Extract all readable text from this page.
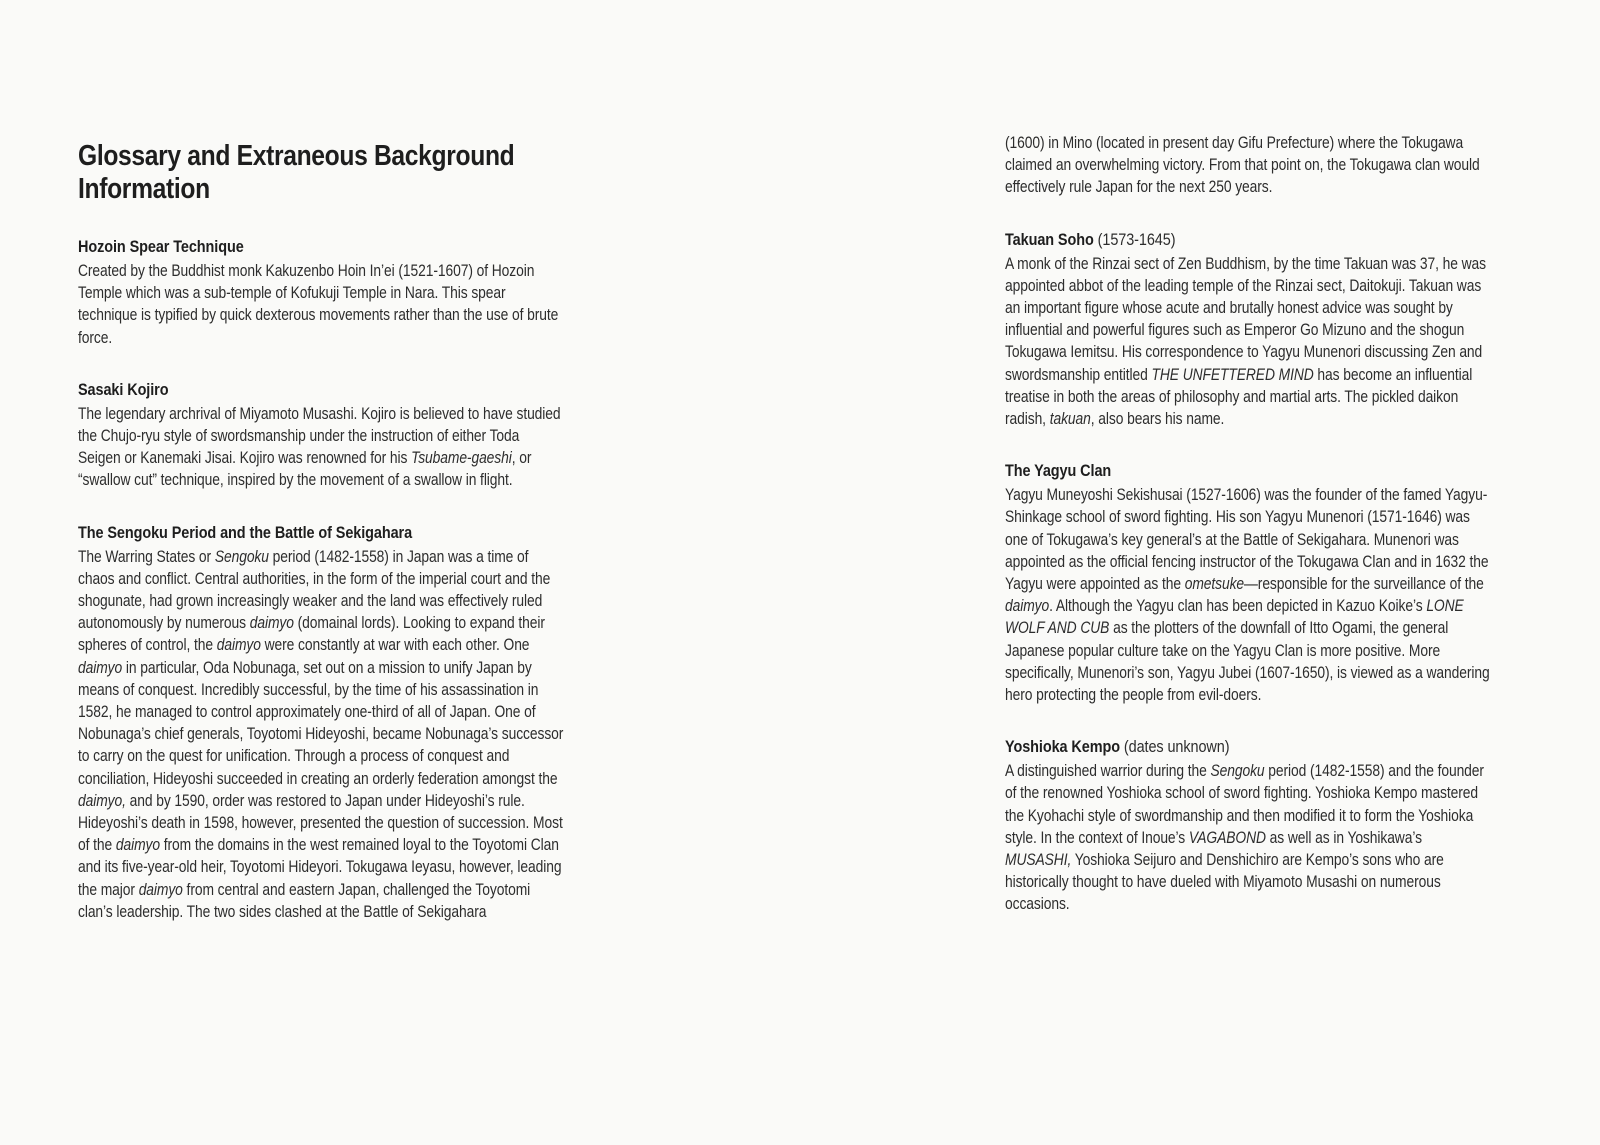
Glossary and Extraneous Background Information
Hozoin Spear Technique

Created by the Buddhist monk Kakuzenbo Hoin In’ei (1521-1607) of Hozoin Temple which was a sub-temple of Kofukuji Temple in Nara. This spear technique is typified by quick dexterous movements rather than the use of brute force.

Sasaki Kojiro

The legendary archrival of Miyamoto Musashi. Kojiro is believed to have studied the Chujo-ryu style of swordsmanship under the instruction of either Toda Seigen or Kanemaki Jisai. Kojiro was renowned for his Tsubame-gaeshi, or “swallow cut” technique, inspired by the movement of a swallow in flight.

The Sengoku Period and the Battle of Sekigahara

The Warring States or Sengoku period (1482-1558) in Japan was a time of chaos and conflict. Central authorities, in the form of the imperial court and the shogunate, had grown increasingly weaker and the land was effectively ruled autonomously by numerous daimyo (domainal lords). Looking to expand their spheres of control, the daimyo were constantly at war with each other. One daimyo in particular, Oda Nobunaga, set out on a mission to unify Japan by means of conquest. Incredibly successful, by the time of his assassination in 1582, he managed to control approximately one-third of all of Japan. One of Nobunaga’s chief generals, Toyotomi Hideyoshi, became Nobunaga’s successor to carry on the quest for unification. Through a process of conquest and conciliation, Hideyoshi succeeded in creating an orderly federation amongst the daimyo, and by 1590, order was restored to Japan under Hideyoshi’s rule. Hideyoshi’s death in 1598, however, presented the question of succession. Most of the daimyo from the domains in the west remained loyal to the Toyotomi Clan and its five-year-old heir, Toyotomi Hideyori. Tokugawa Ieyasu, however, leading the major daimyo from central and eastern Japan, challenged the Toyotomi clan’s leadership. The two sides clashed at the Battle of Sekigahara

(1600) in Mino (located in present day Gifu Prefecture) where the Tokugawa claimed an overwhelming victory. From that point on, the Tokugawa clan would effectively rule Japan for the next 250 years.

Takuan Soho (1573-1645)

A monk of the Rinzai sect of Zen Buddhism, by the time Takuan was 37, he was appointed abbot of the leading temple of the Rinzai sect, Daitokuji. Takuan was an important figure whose acute and brutally honest advice was sought by influential and powerful figures such as Emperor Go Mizuno and the shogun Tokugawa Iemitsu. His correspondence to Yagyu Munenori discussing Zen and swordsmanship entitled THE UNFETTERED MIND has become an influential treatise in both the areas of philosophy and martial arts. The pickled daikon radish, takuan, also bears his name.

The Yagyu Clan

Yagyu Muneyoshi Sekishusai (1527-1606) was the founder of the famed Yagyu-Shinkage school of sword fighting. His son Yagyu Munenori (1571-1646) was one of Tokugawa’s key general’s at the Battle of Sekigahara. Munenori was appointed as the official fencing instructor of the Tokugawa Clan and in 1632 the Yagyu were appointed as the ometsuke—responsible for the surveillance of the daimyo. Although the Yagyu clan has been depicted in Kazuo Koike’s LONE WOLF AND CUB as the plotters of the downfall of Itto Ogami, the general Japanese popular culture take on the Yagyu Clan is more positive. More specifically, Munenori’s son, Yagyu Jubei (1607-1650), is viewed as a wandering hero protecting the people from evil-doers.

Yoshioka Kempo (dates unknown)

A distinguished warrior during the Sengoku period (1482-1558) and the founder of the renowned Yoshioka school of sword fighting. Yoshioka Kempo mastered the Kyohachi style of swordmanship and then modified it to form the Yoshioka style. In the context of Inoue’s VAGABOND as well as in Yoshikawa’s MUSASHI, Yoshioka Seijuro and Denshichiro are Kempo’s sons who are historically thought to have dueled with Miyamoto Musashi on numerous occasions.
